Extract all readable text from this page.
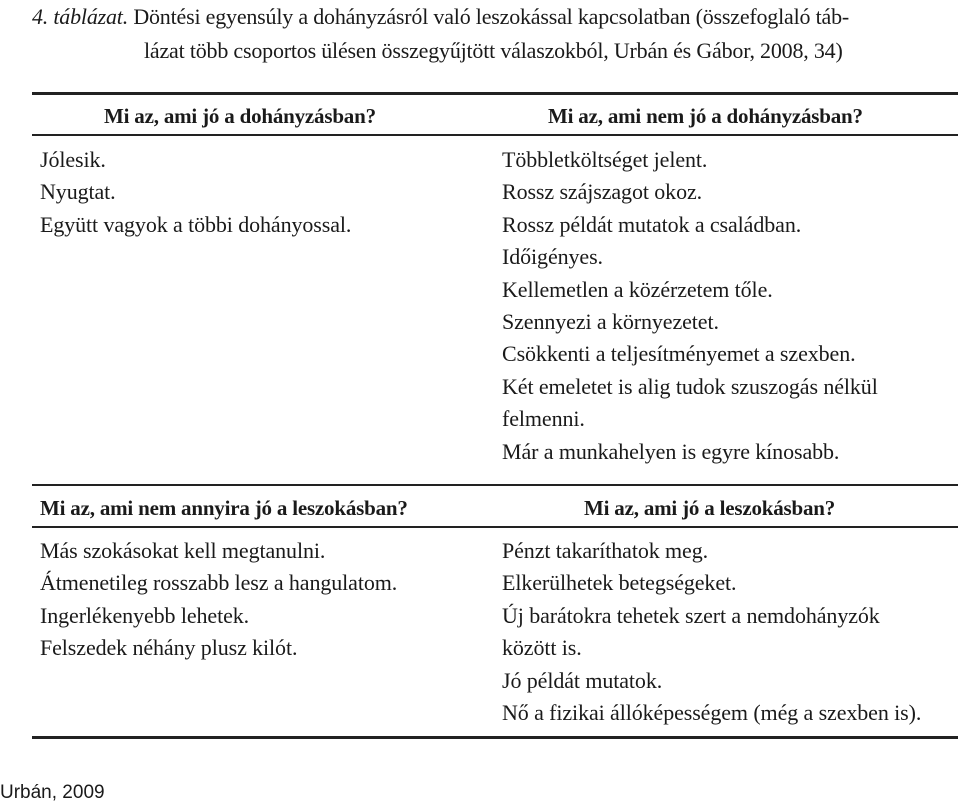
4. táblázat. Döntési egyensúly a dohányzásról való leszokással kapcsolatban (összefoglaló táb-
lázat több csoportos ülésen összegyűjtött válaszokból, Urbán és Gábor, 2008, 34)
Mi az, ami jó a dohányzásban?	Mi az, ami nem jó a dohányzásban?
Jólesik.
Nyugtat.
Együtt vagyok a többi dohányossal.
Többletköltséget jelent.
Rossz szájszagot okoz.
Rossz példát mutatok a családban.
Időigényes.
Kellemetlen a közérzetem tőle.
Szennyezi a környezetet.
Csökkenti a teljesítményemet a szexben.
Két emeletet is alig tudok szuszogás nélkül
felmenni.
Már a munkahelyen is egyre kínosabb.
Mi az, ami nem annyira jó a leszokásban?	Mi az, ami jó a leszokásban?
Más szokásokat kell megtanulni.
Átmenetileg rosszabb lesz a hangulatom.
Ingerlékenyebb lehetek.
Felszedek néhány plusz kilót.
Pénzt takaríthatok meg.
Elkerülhetek betegségeket.
Új barátokra tehetek szert a nemdohányzók
között is.
Jó példát mutatok.
Nő a fizikai állóképességem (még a szexben is).
Urbán, 2009
